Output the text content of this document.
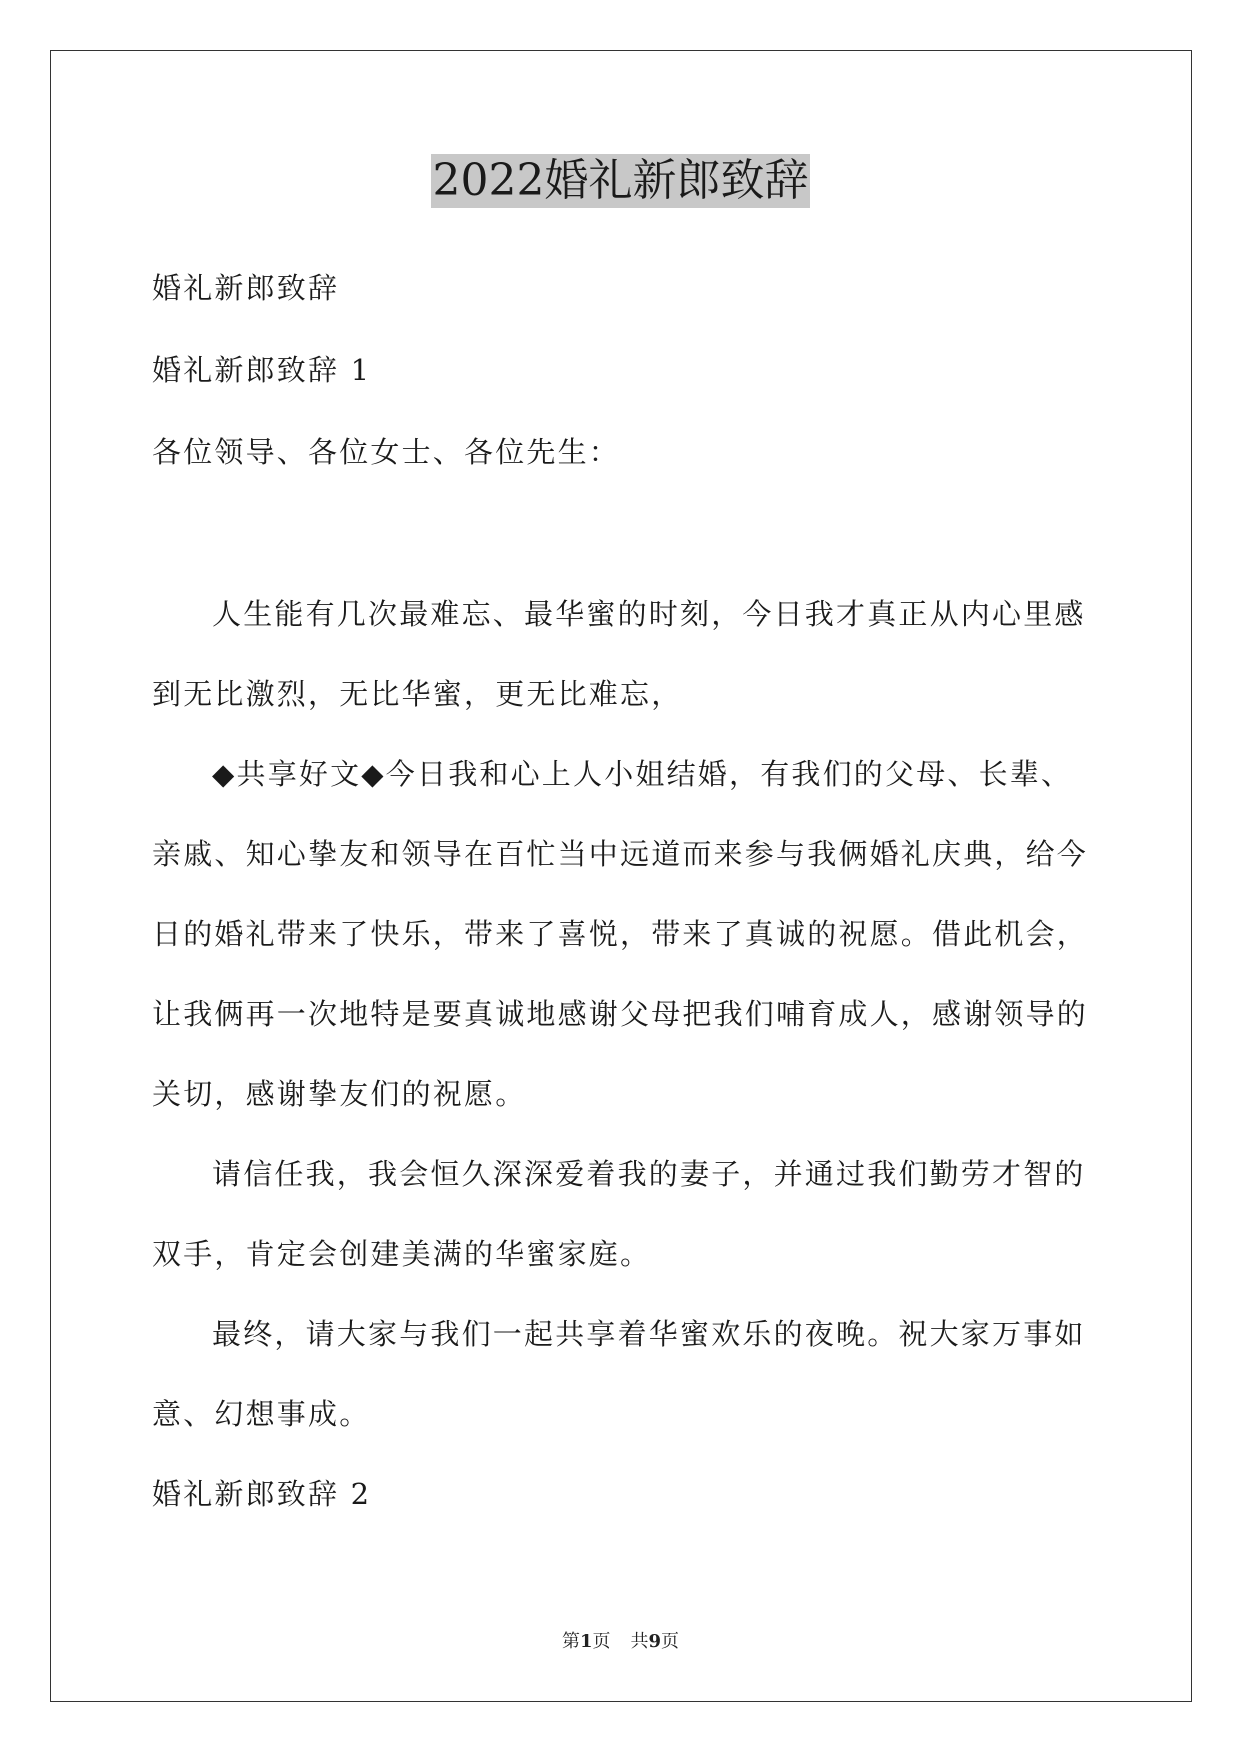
2022婚礼新郎致辞

婚礼新郎致辞

婚礼新郎致辞 1

各位领导、各位女士、各位先生：

人生能有几次最难忘、最华蜜的时刻，今日我才真正从内心里感

到无比激烈，无比华蜜，更无比难忘，

◆共享好文◆今日我和心上人小姐结婚，有我们的父母、长辈、

亲戚、知心挚友和领导在百忙当中远道而来参与我俩婚礼庆典，给今

日的婚礼带来了快乐，带来了喜悦，带来了真诚的祝愿。借此机会，

让我俩再一次地特是要真诚地感谢父母把我们哺育成人，感谢领导的

关切，感谢挚友们的祝愿。

请信任我，我会恒久深深爱着我的妻子，并通过我们勤劳才智的

双手，肯定会创建美满的华蜜家庭。

最终，请大家与我们一起共享着华蜜欢乐的夜晚。祝大家万事如

意、幻想事成。

婚礼新郎致辞 2

第1页 共9页
